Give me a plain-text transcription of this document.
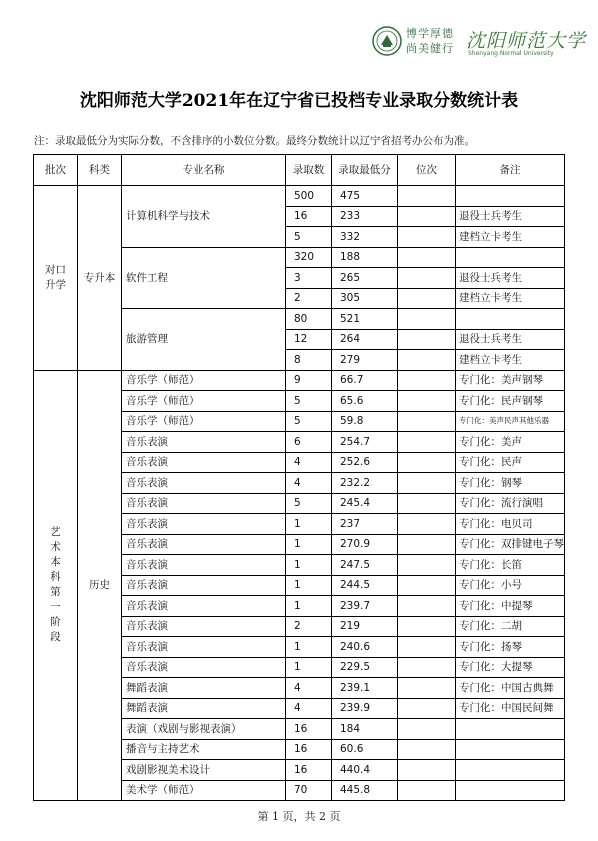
博学厚德
尚美健行 沈阳师范大学
Shenyang Normal University
沈阳师范大学2021年在辽宁省已投档专业录取分数统计表
注：录取最低分为实际分数，不含排序的小数位分数。最终分数统计以辽宁省招考办公布为准。
批次	科类	专业名称	录取数	录取最低分	位次	备注
对口升学	专升本	计算机科学与技术	500	475		
			16	233		退役士兵考生
			5	332		建档立卡考生
		软件工程	320	188		
			3	265		退役士兵考生
			2	305		建档立卡考生
		旅游管理	80	521		
			12	264		退役士兵考生
			8	279		建档立卡考生
艺术本科第一阶段	历史	音乐学（师范）	9	66.7		专门化：美声钢琴
		音乐学（师范）	5	65.6		专门化：民声钢琴
		音乐学（师范）	5	59.8		专门化：美声民声其他乐器
		音乐表演	6	254.7		专门化：美声
		音乐表演	4	252.6		专门化：民声
		音乐表演	4	232.2		专门化：钢琴
		音乐表演	5	245.4		专门化：流行演唱
		音乐表演	1	237		专门化：电贝司
		音乐表演	1	270.9		专门化：双排键电子琴
		音乐表演	1	247.5		专门化：长笛
		音乐表演	1	244.5		专门化：小号
		音乐表演	1	239.7		专门化：中提琴
		音乐表演	2	219		专门化：二胡
		音乐表演	1	240.6		专门化：扬琴
		音乐表演	1	229.5		专门化：大提琴
		舞蹈表演	4	239.1		专门化：中国古典舞
		舞蹈表演	4	239.9		专门化：中国民间舞
		表演（戏剧与影视表演）	16	184		
		播音与主持艺术	16	60.6		
		戏剧影视美术设计	16	440.4		
		美术学（师范）	70	445.8		
第 1 页，共 2 页
